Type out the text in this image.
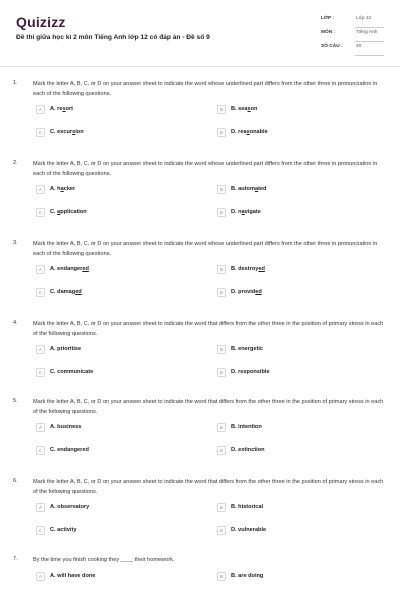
Quizizz
Đề thi giữa học kì 2 môn Tiếng Anh lớp 12 có đáp án - Đề số 9
LỚP :	Lớp 12
MÔN :	Tiếng Anh
SỐ CÂU :	40
1.	Mark the letter A, B, C, or D on your answer sheet to indicate the word whose underlined part differs from the other three in pronunciation in each of the following questions.
A	A. resort	B	B. season
C	C. excursion	D	D. reasonable
2.	Mark the letter A, B, C, or D on your answer sheet to indicate the word whose underlined part differs from the other three in pronunciation in each of the following questions.
A	A. hacker	B	B. automated
C	C. application	D	D. navigate
3.	Mark the letter A, B, C, or D on your answer sheet to indicate the word whose underlined part differs from the other three in pronunciation in each of the following questions.
A	A. endangered	B	B. destroyed
C	C. damaged	D	D. provided
4.	Mark the letter A, B, C, or D on your answer sheet to indicate the word that differs from the other three in the position of primary stress in each of the following questions.
A	A. prioritise	B	B. energetic
C	C. communicate	D	D. responsible
5.	Mark the letter A, B, C, or D on your answer sheet to indicate the word that differs from the other three in the position of primary stress in each of the following questions.
A	A. business	B	B. intention
C	C. endangered	D	D. extinction
6.	Mark the letter A, B, C, or D on your answer sheet to indicate the word that differs from the other three in the position of primary stress in each of the following questions.
A	A. observatory	B	B. historical
C	C. activity	D	D. vulnerable
7.	By the time you finish cooking they ____ their homework.
A	A. will have done	B	B. are doing
